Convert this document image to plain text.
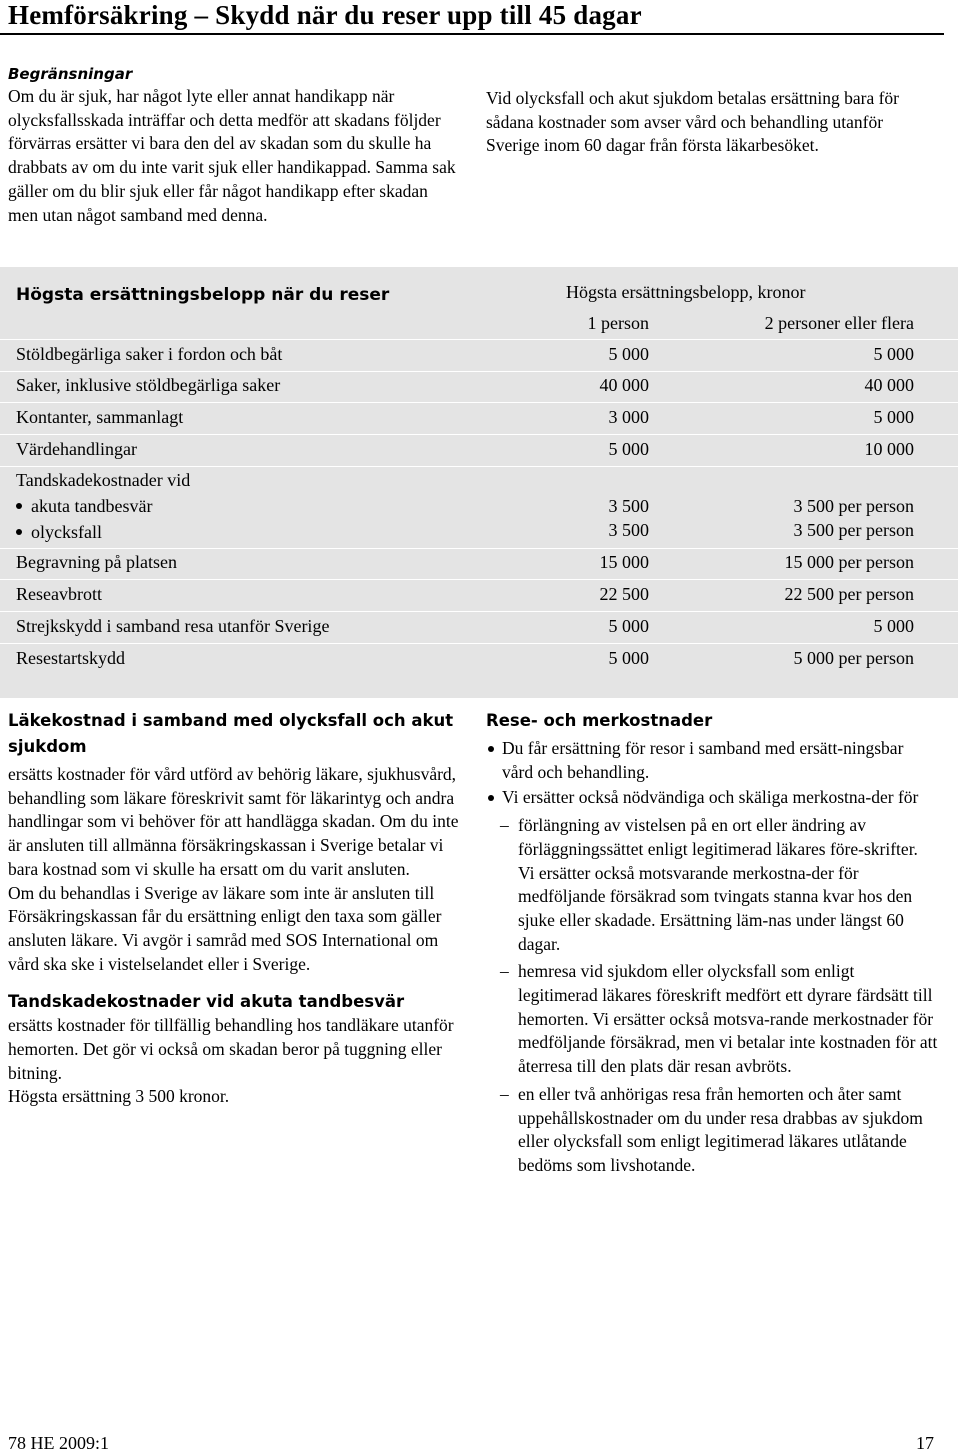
Hemförsäkring – Skydd när du reser upp till 45 dagar
Begränsningar
Om du är sjuk, har något lyte eller annat handikapp när olycksfallsskada inträffar och detta medför att skadans följder förvärras ersätter vi bara den del av skadan som du skulle ha drabbats av om du inte varit sjuk eller handikappad. Samma sak gäller om du blir sjuk eller får något handikapp efter skadan men utan något samband med denna.
Vid olycksfall och akut sjukdom betalas ersättning bara för sådana kostnader som avser vård och behandling utanför Sverige inom 60 dagar från första läkarbesöket.
Högsta ersättningsbelopp när du reser	Högsta ersättningsbelopp, kronor
1 person	2 personer eller flera
Stöldbegärliga saker i fordon och båt	5 000	5 000
Saker, inklusive stöldbegärliga saker	40 000	40 000
Kontanter, sammanlagt	3 000	5 000
Värdehandlingar	5 000	10 000
Tandskadekostnader vid
akuta tandbesvär	3 500	3 500 per person
olycksfall	3 500	3 500 per person
Begravning på platsen	15 000	15 000 per person
Reseavbrott	22 500	22 500 per person
Strejkskydd i samband resa utanför Sverige	5 000	5 000
Resestartskydd	5 000	5 000 per person
Läkekostnad i samband med olycksfall och akut sjukdom
ersätts kostnader för vård utförd av behörig läkare, sjukhusvård, behandling som läkare föreskrivit samt för läkarintyg och andra handlingar som vi behöver för att handlägga skadan. Om du inte är ansluten till allmänna försäkringskassan i Sverige betalar vi bara kostnad som vi skulle ha ersatt om du varit ansluten.
Om du behandlas i Sverige av läkare som inte är ansluten till Försäkringskassan får du ersättning enligt den taxa som gäller ansluten läkare. Vi avgör i samråd med SOS International om vård ska ske i vistelselandet eller i Sverige.
Tandskadekostnader vid akuta tandbesvär
ersätts kostnader för tillfällig behandling hos tandläkare utanför hemorten. Det gör vi också om skadan beror på tuggning eller bitning.
Högsta ersättning 3 500 kronor.
Rese- och merkostnader
Du får ersättning för resor i samband med ersätt-ningsbar vård och behandling.
Vi ersätter också nödvändiga och skäliga merkostna-der för
– förlängning av vistelsen på en ort eller ändring av förläggningssättet enligt legitimerad läkares före-skrifter. Vi ersätter också motsvarande merkostna-der för medföljande försäkrad som tvingats stanna kvar hos den sjuke eller skadade. Ersättning läm-nas under längst 60 dagar.
– hemresa vid sjukdom eller olycksfall som enligt legitimerad läkares föreskrift medfört ett dyrare färdsätt till hemorten. Vi ersätter också motsva-rande merkostnader för medföljande försäkrad, men vi betalar inte kostnaden för att återresa till den plats där resan avbröts.
– en eller två anhörigas resa från hemorten och åter samt uppehållskostnader om du under resa drabbas av sjukdom eller olycksfall som enligt legitimerad läkares utlåtande bedöms som livshotande.
78 HE 2009:1	17
